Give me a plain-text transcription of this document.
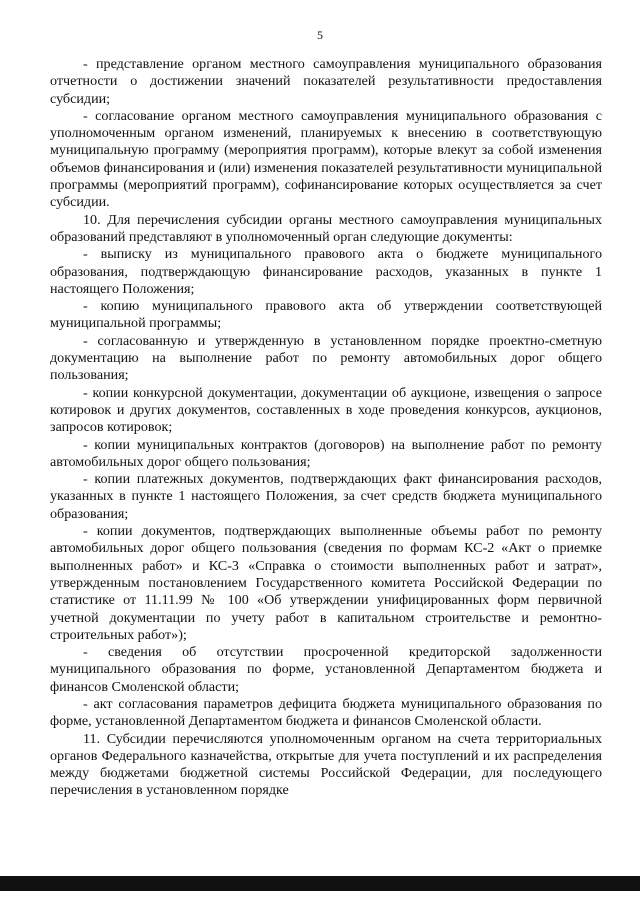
5

- представление органом местного самоуправления муниципального образования отчетности о достижении значений показателей результативности предоставления субсидии;

- согласование органом местного самоуправления муниципального образования с уполномоченным органом изменений, планируемых к внесению в соответствующую муниципальную программу (мероприятия программ), которые влекут за собой изменения объемов финансирования и (или) изменения показателей результативности муниципальной программы (мероприятий программ), софинансирование которых осуществляется за счет субсидии.

10. Для перечисления субсидии органы местного самоуправления муниципальных образований представляют в уполномоченный орган следующие документы:

- выписку из муниципального правового акта о бюджете муниципального образования, подтверждающую финансирование расходов, указанных в пункте 1 настоящего Положения;

- копию муниципального правового акта об утверждении соответствующей муниципальной программы;

- согласованную и утвержденную в установленном порядке проектно-сметную документацию на выполнение работ по ремонту автомобильных дорог общего пользования;

- копии конкурсной документации, документации об аукционе, извещения о запросе котировок и других документов, составленных в ходе проведения конкурсов, аукционов, запросов котировок;

- копии муниципальных контрактов (договоров) на выполнение работ по ремонту автомобильных дорог общего пользования;

- копии платежных документов, подтверждающих факт финансирования расходов, указанных в пункте 1 настоящего Положения, за счет средств бюджета муниципального образования;

- копии документов, подтверждающих выполненные объемы работ по ремонту автомобильных дорог общего пользования (сведения по формам КС-2 «Акт о приемке выполненных работ» и КС-3 «Справка о стоимости выполненных работ и затрат», утвержденным постановлением Государственного комитета Российской Федерации по статистике от 11.11.99 № 100 «Об утверждении унифицированных форм первичной учетной документации по учету работ в капитальном строительстве и ремонтно-строительных работ»);

- сведения об отсутствии просроченной кредиторской задолженности муниципального образования по форме, установленной Департаментом бюджета и финансов Смоленской области;

- акт согласования параметров дефицита бюджета муниципального образования по форме, установленной Департаментом бюджета и финансов Смоленской области.

11. Субсидии перечисляются уполномоченным органом на счета территориальных органов Федерального казначейства, открытые для учета поступлений и их распределения между бюджетами бюджетной системы Российской Федерации, для последующего перечисления в установленном порядке
